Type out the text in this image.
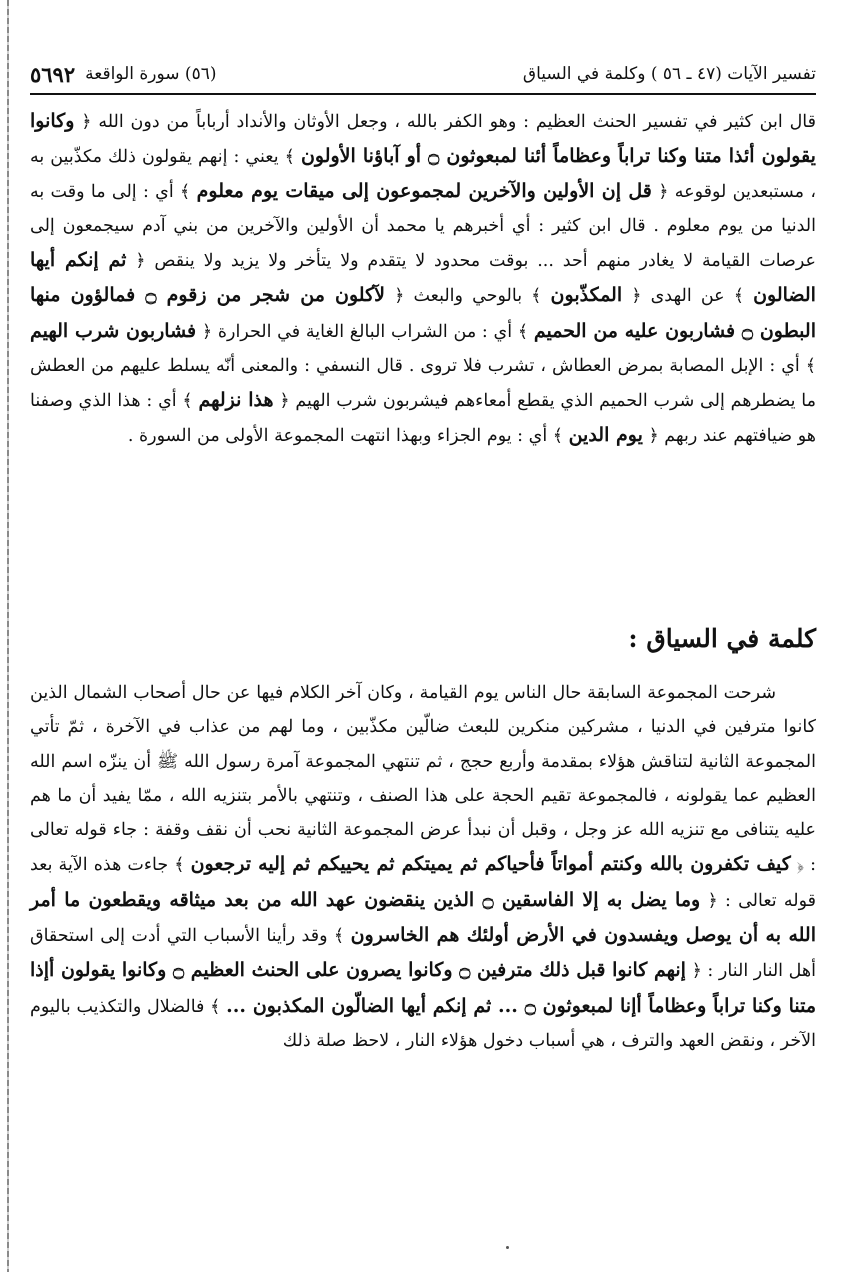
تفسير الآيات (٤٧ ـ ٥٦ ) وكلمة في السياق
(٥٦) سورة الواقعة
٥٦٩٢

قال ابن كثير في تفسير الحنث العظيم : وهو الكفر بالله ، وجعل الأوثان والأنداد أرباباً من دون الله ﴿ وكانوا يقولون أئذا متنا وكنا تراباً وعظاماً أئنا لمبعوثون ۝ أو آباؤنا الأولون ﴾ يعني : إنهم يقولون ذلك مكذّبين به ، مستبعدين لوقوعه ﴿ قل إن الأولين والآخرين لمجموعون إلى ميقات يوم معلوم ﴾ أي : إلى ما وقت به الدنيا من يوم معلوم . قال ابن كثير : أي أخبرهم يا محمد أن الأولين والآخرين من بني آدم سيجمعون إلى عرصات القيامة لا يغادر منهم أحد ... بوقت محدود لا يتقدم ولا يتأخر ولا يزيد ولا ينقص ﴿ ثم إنكم أيها الضالون ﴾ عن الهدى ﴿ المكذّبون ﴾ بالوحي والبعث ﴿ لآكلون من شجر من زقوم ۝ فمالؤون منها البطون ۝ فشاربون عليه من الحميم ﴾ أي : من الشراب البالغ الغاية في الحرارة ﴿ فشاربون شرب الهيم ﴾ أي : الإبل المصابة بمرض العطاش ، تشرب فلا تروى . قال النسفي : والمعنى أنّه يسلط عليهم من العطش ما يضطرهم إلى شرب الحميم الذي يقطع أمعاءهم فيشربون شرب الهيم ﴿ هذا نزلهم ﴾ أي : هذا الذي وصفنا هو ضيافتهم عند ربهم ﴿ يوم الدين ﴾ أي : يوم الجزاء وبهذا انتهت المجموعة الأولى من السورة .

كلمة في السياق :

شرحت المجموعة السابقة حال الناس يوم القيامة ، وكان آخر الكلام فيها عن حال أصحاب الشمال الذين كانوا مترفين في الدنيا ، مشركين منكرين للبعث ضالّين مكذّبين ، وما لهم من عذاب في الآخرة ، ثمّ تأتي المجموعة الثانية لتناقش هؤلاء بمقدمة وأربع حجج ، ثم تنتهي المجموعة آمرة رسول الله ﷺ أن ينزّه اسم الله العظيم عما يقولونه ، فالمجموعة تقيم الحجة على هذا الصنف ، وتنتهي بالأمر بتنزيه الله ، ممّا يفيد أن ما هم عليه يتنافى مع تنزيه الله عز وجل ، وقبل أن نبدأ عرض المجموعة الثانية نحب أن نقف وقفة : جاء قوله تعالى : ﴿ كيف تكفرون بالله وكنتم أمواتاً فأحياكم ثم يميتكم ثم يحييكم ثم إليه ترجعون ﴾ جاءت هذه الآية بعد قوله تعالى : ﴿ وما يضل به إلا الفاسقين ۝ الذين ينقضون عهد الله من بعد ميثاقه ويقطعون ما أمر الله به أن يوصل ويفسدون في الأرض أولئك هم الخاسرون ﴾ وقد رأينا الأسباب التي أدت إلى استحقاق أهل النار النار : ﴿ إنهم كانوا قبل ذلك مترفين ۝ وكانوا يصرون على الحنث العظيم ۝ وكانوا يقولون أإذا متنا وكنا تراباً وعظاماً أإنا لمبعوثون ۝ ... ثم إنكم أيها الضالّون المكذبون ... ﴾ فالضلال والتكذيب باليوم الآخر ، ونقض العهد والترف ، هي أسباب دخول هؤلاء النار ، لاحظ صلة ذلك
